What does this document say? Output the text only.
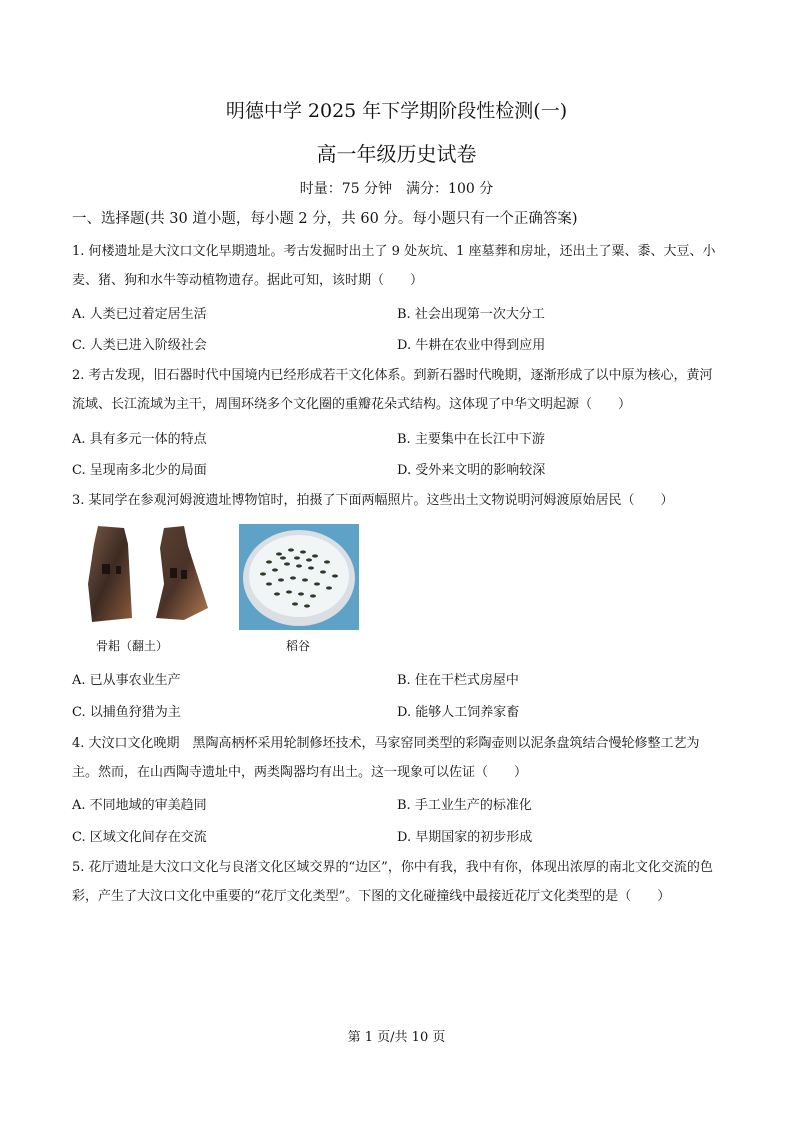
明德中学 2025 年下学期阶段性检测(一)
高一年级历史试卷
时量：75 分钟　满分：100 分
一、选择题(共 30 道小题，每小题 2 分，共 60 分。每小题只有一个正确答案)
1. 何楼遗址是大汶口文化早期遗址。考古发掘时出土了 9 处灰坑、1 座墓葬和房址，还出土了粟、黍、大豆、小麦、猪、狗和水牛等动植物遗存。据此可知，该时期（　　）
A. 人类已过着定居生活	B. 社会出现第一次大分工
C. 人类已进入阶级社会	D. 牛耕在农业中得到应用
2. 考古发现，旧石器时代中国境内已经形成若干文化体系。到新石器时代晚期，逐渐形成了以中原为核心，黄河流域、长江流域为主干，周围环绕多个文化圈的重瓣花朵式结构。这体现了中华文明起源（　　）
A. 具有多元一体的特点	B. 主要集中在长江中下游
C. 呈现南多北少的局面	D. 受外来文明的影响较深
3. 某同学在参观河姆渡遗址博物馆时，拍摄了下面两幅照片。这些出土文物说明河姆渡原始居民（　　）
骨耜（翻土）	稻谷
A. 已从事农业生产	B. 住在干栏式房屋中
C. 以捕鱼狩猎为主	D. 能够人工饲养家畜
4. 大汶口文化晚期　黑陶高柄杯采用轮制修坯技术，马家窑同类型的彩陶壶则以泥条盘筑结合慢轮修整工艺为主。然而，在山西陶寺遗址中，两类陶器均有出土。这一现象可以佐证（　　）
A. 不同地域的审美趋同	B. 手工业生产的标准化
C. 区域文化间存在交流	D. 早期国家的初步形成
5. 花厅遗址是大汶口文化与良渚文化区域交界的“边区”，你中有我，我中有你，体现出浓厚的南北文化交流的色彩，产生了大汶口文化中重要的“花厅文化类型”。下图的文化碰撞线中最接近花厅文化类型的是（　　）
第 1 页/共 10 页
